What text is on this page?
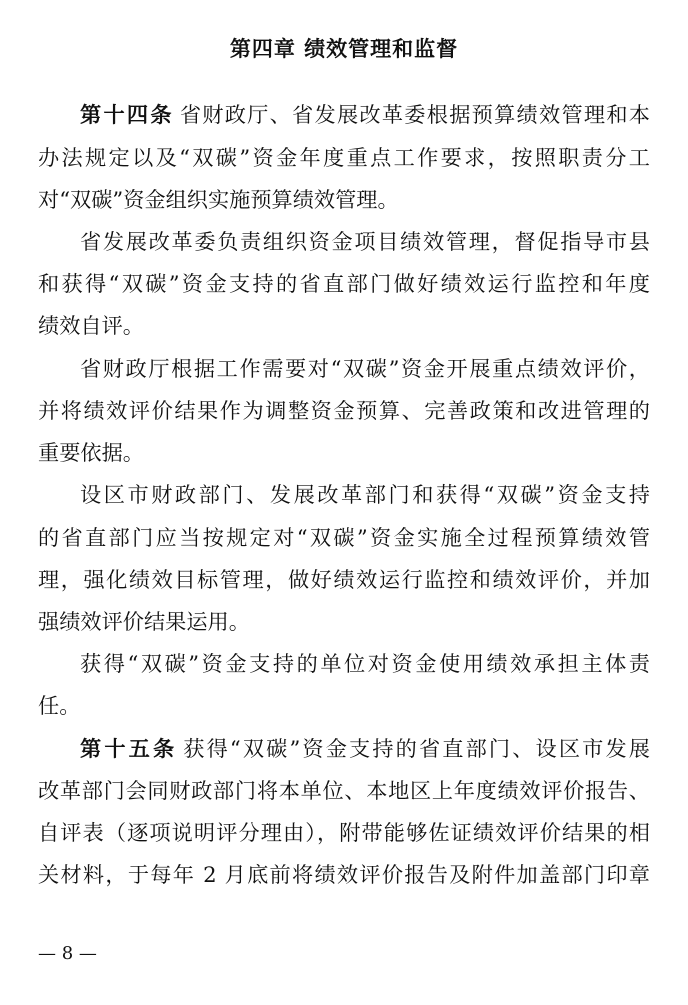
第四章 绩效管理和监督
第十四条 省财政厅、省发展改革委根据预算绩效管理和本
办法规定以及“双碳”资金年度重点工作要求，按照职责分工
对“双碳”资金组织实施预算绩效管理。
省发展改革委负责组织资金项目绩效管理，督促指导市县
和获得“双碳”资金支持的省直部门做好绩效运行监控和年度
绩效自评。
省财政厅根据工作需要对“双碳”资金开展重点绩效评价，
并将绩效评价结果作为调整资金预算、完善政策和改进管理的
重要依据。
设区市财政部门、发展改革部门和获得“双碳”资金支持
的省直部门应当按规定对“双碳”资金实施全过程预算绩效管
理，强化绩效目标管理，做好绩效运行监控和绩效评价，并加
强绩效评价结果运用。
获得“双碳”资金支持的单位对资金使用绩效承担主体责
任。
第十五条 获得“双碳”资金支持的省直部门、设区市发展
改革部门会同财政部门将本单位、本地区上年度绩效评价报告、
自评表（逐项说明评分理由），附带能够佐证绩效评价结果的相
关材料，于每年 2 月底前将绩效评价报告及附件加盖部门印章
— 8 —
